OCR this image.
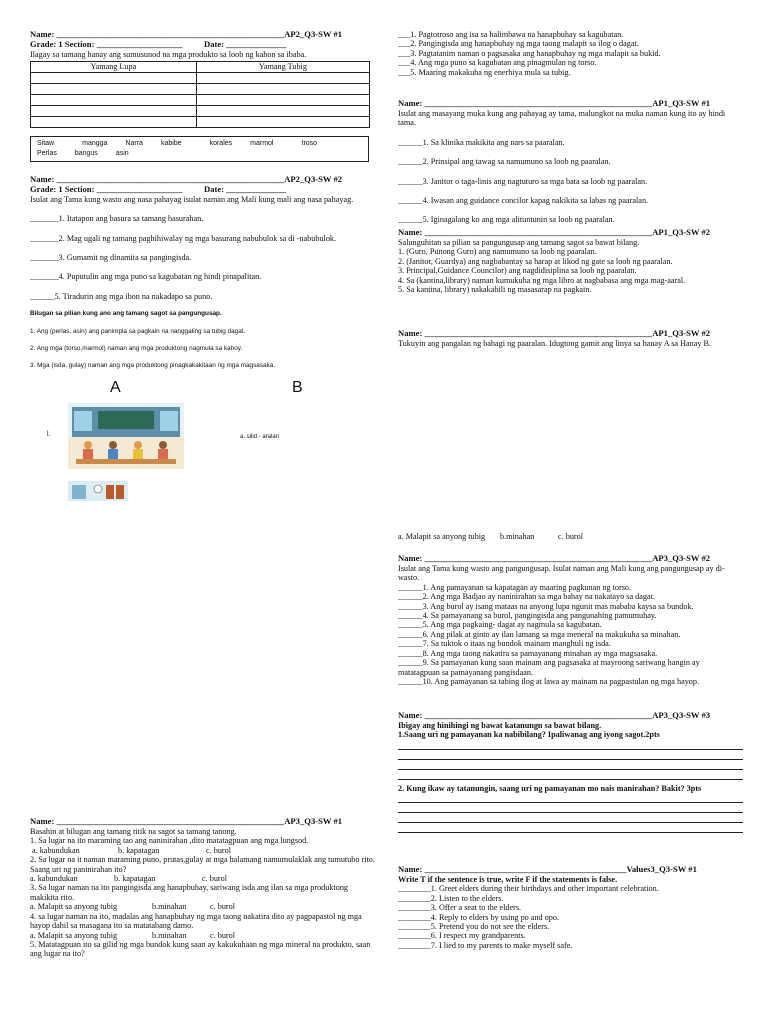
Name: _____________________________________________________AP2_Q3-SW #1
Grade: 1 Section: ____________________          Date: ______________
Ilagay sa tamang hanay ang sumusunod na mga produkto sa loob ng kahon sa ibaba.
Yamang Lupa	Yamang Tubig

Sitaw	mangga	Narra	kabibe	korales	marmol	troso
Perlas	bangus	asin
Name: _____________________________________________________AP2_Q3-SW #2
Grade: 1 Section: ____________________          Date: ______________
Isulat ang Tama kung wasto ang nasa pahayag isulat naman ang Mali kung mali ang nasa pahayag.
_______1. Itatapon ang basura sa tamang basurahan.
_______2. Mag ugali ng tamang paghihiwalay ng mga basurang nabubulok sa di -nabubulok.
_______3. Gumamit ng dinamita sa pangingisda.
_______4. Puputulin ang mga puno sa kagubatan ng hindi pinapalitan.
______5. Tiradurin ang mga ibon na nakadapo sa puno.
Bilugan sa pilian kung ano ang tamang sagot sa pangungusap.
1. Ang (perlas, asin) ang panimpla sa pagkain na nanggaling sa tubig dagat.
2. Ang mga (torso,marmol) naman ang mga produktong nagmula sa kahoy.
3. Mga (isda, gulay) naman ang mga produktong pinagkakakitaan ng mga magsasaka.
A	B
l.	a. silid - aralan
Name: _____________________________________________________AP3_Q3-SW #1
Basahin at bilugan ang tamang titik na sagot sa tamang tanong.
1. Sa lugar na ito maraming tao ang naninirahan ,dito matatagpuan ang mga lungsod.
a. kabundukan	b. kapatagan	c. burol
2. Sa lugar na it naman maraming puno, prutas,gulay at mga halamang namumulaklak ang tumutubo rito. Saang uri ng paninirahan ito?
a. kabundukan	b. kapatagan	c. burol
3. Sa lugar naman na ito pangingisda ang hanapbuhay, sariwang isda ang ilan sa mga produktong makikita rito.
a. Malapit sa anyong tubig	b.minahan	c. burol
4. sa lugar naman na ito, madalas ang hanapbuhay ng mga taong nakatira dito ay pagpapastol ng mga hayop dahil sa masagana ito sa matatabang damo.
a. Malapit sa anyong tubig	b.minahan	c. burol
5. Matatagpuan ito sa gilid ng mga bundok kung saan ay kakukuhaan ng mga mineral na produkto, saan ang lugar na ito?
___1. Pagtotroso ang isa sa halimbawa na hanapbuhay sa kagubatan.
___2. Pangingisda ang hanapbuhay ng mga taong malapit sa ilog o dagat.
___3. Pagtatanim naman o pagsasaka ang hanapbuhay ng mga malapit sa bukid.
___4. Ang mga puno sa kagubatan ang pinagmulan ng torso.
___5. Maaring makakuha ng enerhiya mula sa tubig.
Name: _____________________________________________________AP1_Q3-SW #1
Isulat ang masayang muka kung ang pahayag ay tama, malungkot na muka naman kung ito ay hindi tama.
______1. Sa klinika makikita ang nars sa paaralan.
______2. Prinsipal ang tawag sa namumuno sa loob ng paaralan.
______3. Janitor o taga-linis ang nagtuturo sa mga bata sa loob ng paaralan.
______4. Iwasan ang guidance concilor kapag nakikita sa labas ng paaralan.
______5. Iginagalang ko ang mga alituntunin sa loob ng paaralan.
Name: _____________________________________________________AP1_Q3-SW #2
Salunguhitan sa pilian sa pangungusap ang tamang sagot sa bawat bilang.
1. (Guro, Punong Guro) ang namumuno sa loob ng paaralan.
2. (Janitor, Guardya) ang nagbabantay sa harap at likod ng gate sa loob ng paaralan.
3. Principal,Guidance Councilor) ang nagdidisiplina sa loob ng paaralan.
4. Sa (kantina,library) naman kumukuha ng mga libro at nagbabasa ang mga mag-aaral.
5. Sa kantina, library) nakakabili ng masasarap na pagkain.
Name: _____________________________________________________AP1_Q3-SW #2
Tukuyin ang pangalan ng bahagi ng paaralan. Idugtong gamit ang linya sa hanay A sa Hanay B.
a. Malapit sa anyong tubig	b.minahan	c. burol
Name: _____________________________________________________AP3_Q3-SW #2
Isulat ang Tama kung wasto ang pangungusap. Isulat naman ang Mali kung ang pangungusap ay di- wasto.
______1. Ang pamayanan sa kapatagan ay maaring pagkunan ng torso.
______2. Ang mga Badjao ay naninirahan sa mga bahay na nakatayo sa dagat.
______3. Ang burol ay isang mataas na anyong lupa ngunit mas mababa kaysa sa bundok.
______4. Sa pamayanang sa burol, pangingisda ang pangunahing pamumuhay.
______5. Ang mga pagkaing- dagat ay nagmula sa kagubatan.
______6. Ang pilak at ginto ay ilan lamang sa mga meneral na makukuha sa minahan.
______7. Sa tuktok o itaas ng bundok mainam manghuli ng isda.
______8. Ang mga taong nakatira sa pamayanang minahan ay mga magsasaka.
______9. Sa pamayanan kung saan mainam ang pagsasaka at mayroong sariwang hangin ay matatagpuan sa pamayanang pangisdaan.
______10. Ang pamayanan sa tabing ilog at lawa ay mainam na pagpastulan ng mga hayop.
Name: _____________________________________________________AP3_Q3-SW #3
Ibigay ang hinihingi ng bawat katanungn sa bawat bilang.
1.Saang uri ng pamayanan ka nabibilang? Ipaliwanag ang iyong sagot.2pts
2. Kung ikaw ay tatanungin, saang uri ng pamayanan mo nais manirahan? Bakit? 3pts
Name: _______________________________________________Values3_Q3-SW #1
Write T if the sentence is true, write F if the statements is false.
________1. Greet elders during their birthdays and other important celebration.
________2. Listen to the elders.
________3. Offer a seat to the elders.
________4. Reply to elders by using po and opo.
________5. Pretend you do not see the elders.
________6. I respect my grandparents.
________7. I lied to my parents to make myself safe.
